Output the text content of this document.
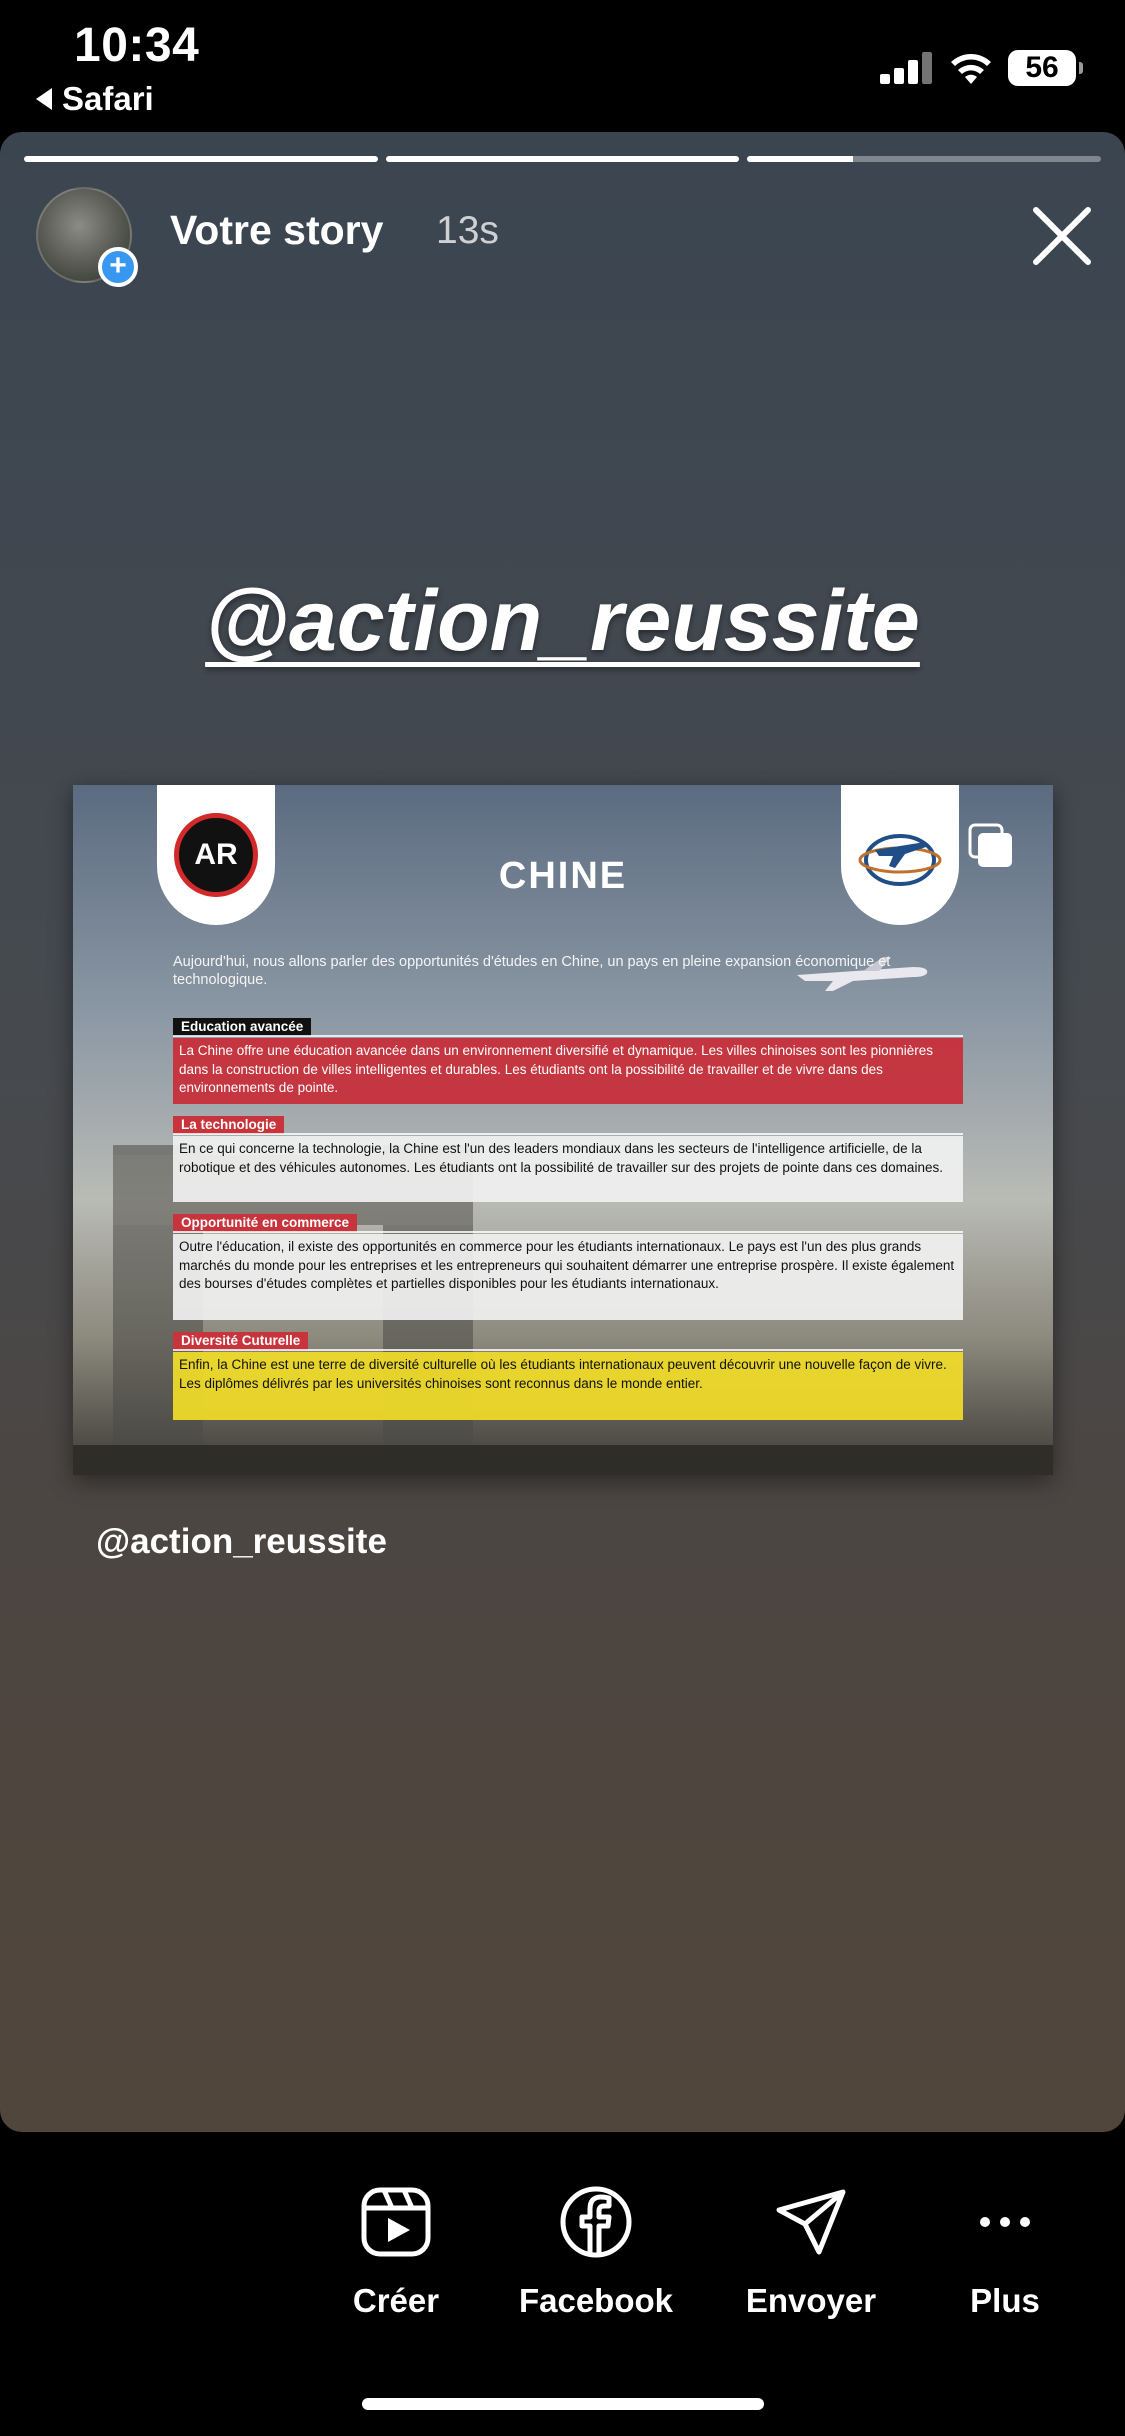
10:34
Safari
56
+
Votre story 13s
@action_reussite
AR
CHINE
Aujourd'hui, nous allons parler des opportunités d'études en Chine, un pays en pleine expansion économique et technologique.
Education avancée
La Chine offre une éducation avancée dans un environnement diversifié et dynamique. Les villes chinoises sont les pionnières dans la construction de villes intelligentes et durables. Les étudiants ont la possibilité de travailler et de vivre dans des environnements de pointe.
La technologie
En ce qui concerne la technologie, la Chine est l'un des leaders mondiaux dans les secteurs de l'intelligence artificielle, de la robotique et des véhicules autonomes. Les étudiants ont la possibilité de travailler sur des projets de pointe dans ces domaines.
Opportunité en commerce
Outre l'éducation, il existe des opportunités en commerce pour les étudiants internationaux. Le pays est l'un des plus grands marchés du monde pour les entreprises et les entrepreneurs qui souhaitent démarrer une entreprise prospère. Il existe également des bourses d'études complètes et partielles disponibles pour les étudiants internationaux.
Diversité Cuturelle
Enfin, la Chine est une terre de diversité culturelle où les étudiants internationaux peuvent découvrir une nouvelle façon de vivre. Les diplômes délivrés par les universités chinoises sont reconnus dans le monde entier.
@action_reussite
Créer	Facebook	Envoyer	Plus
